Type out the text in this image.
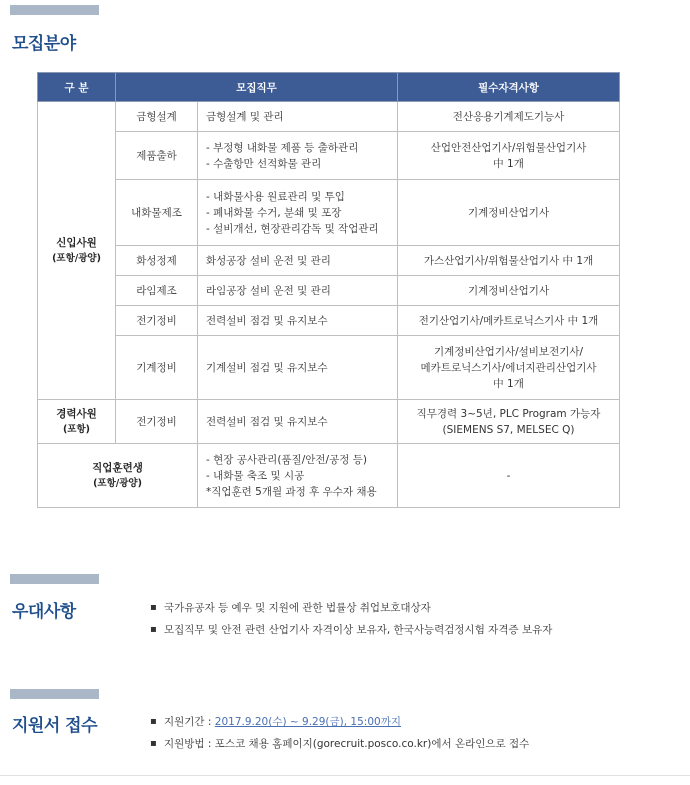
모집분야
구 분	모집직무		필수자격사항

신입사원
(포항/광양)	금형설계	금형설계 및 관리	전산응용기계제도기능사

	제품출하	- 부정형 내화물 제품 등 출하관리
- 수출항만 선적화물 관리	산업안전산업기사/위험물산업기사
中 1개

	내화물제조	- 내화물사용 원료관리 및 투입
- 폐내화물 수거, 분쇄 및 포장
- 설비개선, 현장관리감독 및 작업관리	기계정비산업기사

	화성정제	화성공장 설비 운전 및 관리	가스산업기사/위험물산업기사 中 1개

	라임제조	라임공장 설비 운전 및 관리	기계정비산업기사

	전기정비	전력설비 점검 및 유지보수	전기산업기사/메카트로닉스기사 中 1개

	기계정비	기계설비 점검 및 유지보수	기계정비산업기사/설비보전기사/
메카트로닉스기사/에너지관리산업기사
中 1개

경력사원
(포항)	전기정비	전력설비 점검 및 유지보수	직무경력 3~5년, PLC Program 가능자
(SIEMENS S7, MELSEC Q)

직업훈련생
(포항/광양)		- 현장 공사관리(품질/안전/공정 등)
- 내화물 축조 및 시공
*직업훈련 5개월 과정 후 우수자 채용	-
우대사항	▪ 국가유공자 등 예우 및 지원에 관한 법률상 취업보호대상자
▪ 모집직무 및 안전 관련 산업기사 자격이상 보유자, 한국사능력검정시험 자격증 보유자
지원서 접수	▪ 지원기간 : 2017.9.20(수) ~ 9.29(금), 15:00까지
▪ 지원방법 : 포스코 채용 홈페이지(gorecruit.posco.co.kr)에서 온라인으로 접수
